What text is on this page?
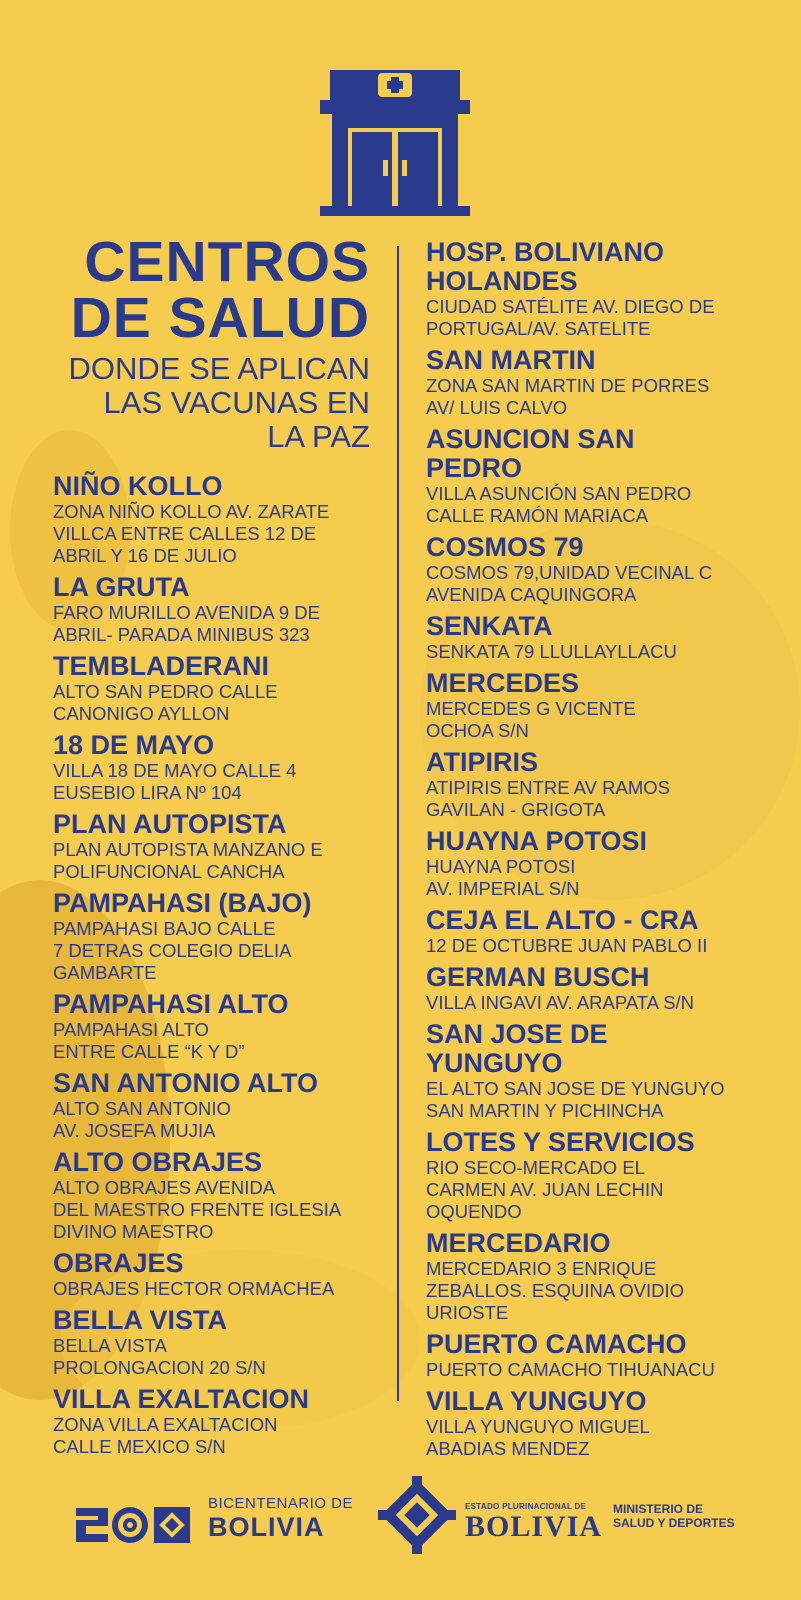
CENTROS
DE SALUD
DONDE SE APLICAN
LAS VACUNAS EN
LA PAZ
NIÑO KOLLO
ZONA NIÑO KOLLO AV. ZARATE
VILLCA ENTRE CALLES 12 DE
ABRIL Y 16 DE JULIO
LA GRUTA
FARO MURILLO AVENIDA 9 DE
ABRIL- PARADA MINIBUS 323
TEMBLADERANI
ALTO SAN PEDRO CALLE
CANONIGO AYLLON
18 DE MAYO
VILLA 18 DE MAYO CALLE 4
EUSEBIO LIRA Nº 104
PLAN AUTOPISTA
PLAN AUTOPISTA MANZANO E
POLIFUNCIONAL CANCHA
PAMPAHASI (BAJO)
PAMPAHASI BAJO CALLE
7 DETRAS COLEGIO DELIA
GAMBARTE
PAMPAHASI ALTO
PAMPAHASI ALTO
ENTRE CALLE “K Y D”
SAN ANTONIO ALTO
ALTO SAN ANTONIO
AV. JOSEFA MUJIA
ALTO OBRAJES
ALTO OBRAJES AVENIDA
DEL MAESTRO FRENTE IGLESIA
DIVINO MAESTRO
OBRAJES
OBRAJES HECTOR ORMACHEA
BELLA VISTA
BELLA VISTA
PROLONGACION 20 S/N
VILLA EXALTACION
ZONA VILLA EXALTACION
CALLE MEXICO S/N
HOSP. BOLIVIANO
HOLANDES
CIUDAD SATÉLITE AV. DIEGO DE
PORTUGAL/AV. SATELITE
SAN MARTIN
ZONA SAN MARTIN DE PORRES
AV/ LUIS CALVO
ASUNCION SAN
PEDRO
VILLA ASUNCIÓN SAN PEDRO
CALLE RAMÓN MARIACA
COSMOS 79
COSMOS 79,UNIDAD VECINAL C
AVENIDA CAQUINGORA
SENKATA
SENKATA 79 LLULLAYLLACU
MERCEDES
MERCEDES G VICENTE
OCHOA S/N
ATIPIRIS
ATIPIRIS ENTRE AV RAMOS
GAVILAN - GRIGOTA
HUAYNA POTOSI
HUAYNA POTOSI
AV. IMPERIAL S/N
CEJA EL ALTO - CRA
12 DE OCTUBRE JUAN PABLO II
GERMAN BUSCH
VILLA INGAVI AV. ARAPATA S/N
SAN JOSE DE
YUNGUYO
EL ALTO SAN JOSE DE YUNGUYO
SAN MARTIN Y PICHINCHA
LOTES Y SERVICIOS
RIO SECO-MERCADO EL
CARMEN AV. JUAN LECHIN
OQUENDO
MERCEDARIO
MERCEDARIO 3 ENRIQUE
ZEBALLOS. ESQUINA OVIDIO
URIOSTE
PUERTO CAMACHO
PUERTO CAMACHO TIHUANACU
VILLA YUNGUYO
VILLA YUNGUYO MIGUEL
ABADIAS MENDEZ
BICENTENARIO DE
BOLIVIA
ESTADO PLURINACIONAL DE
BOLIVIA
MINISTERIO DE
SALUD Y DEPORTES
